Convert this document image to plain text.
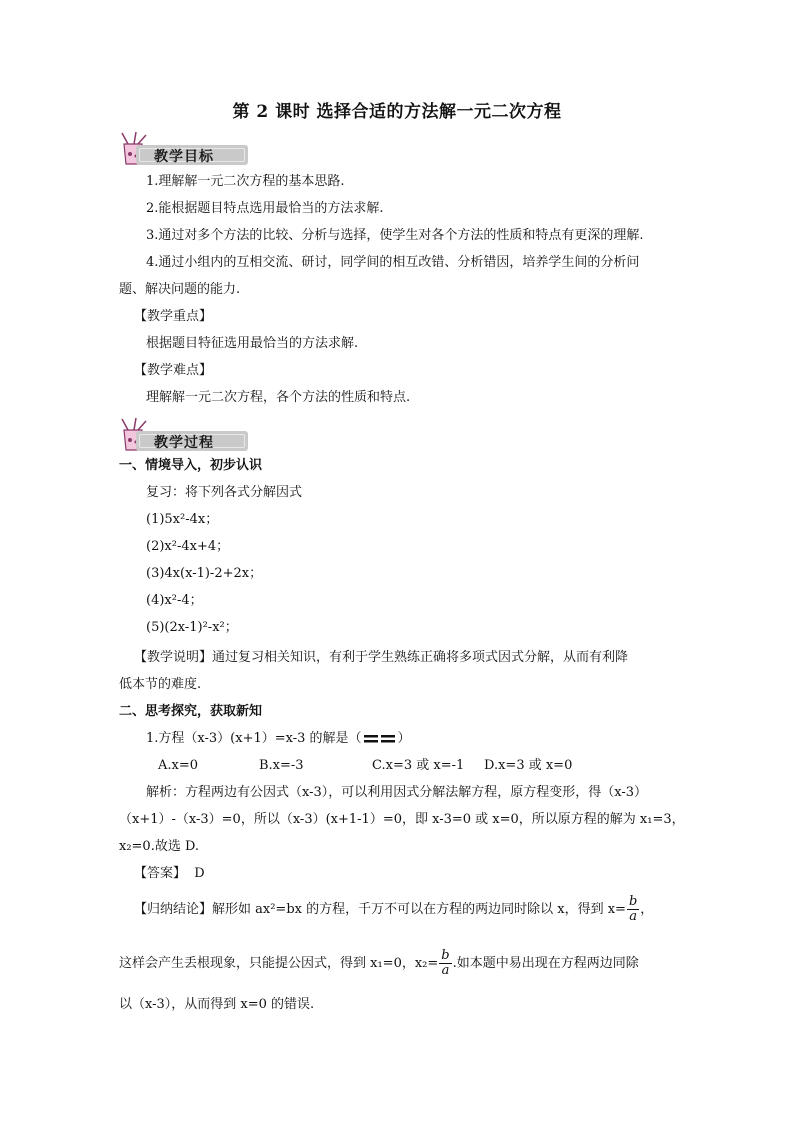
第 2 课时 选择合适的方法解一元二次方程
教学目标
1.理解解一元二次方程的基本思路.
2.能根据题目特点选用最恰当的方法求解.
3.通过对多个方法的比较、分析与选择，使学生对各个方法的性质和特点有更深的理解.
4.通过小组内的互相交流、研讨，同学间的相互改错、分析错因，培养学生间的分析问
题、解决问题的能力.
【教学重点】
根据题目特征选用最恰当的方法求解.
【教学难点】
理解解一元二次方程，各个方法的性质和特点.
教学过程
一、情境导入，初步认识
复习：将下列各式分解因式
(1)5x²-4x；
(2)x²-4x+4；
(3)4x(x-1)-2+2x；
(4)x²-4；
(5)(2x-1)²-x²；
【教学说明】通过复习相关知识，有利于学生熟练正确将多项式因式分解，从而有利降
低本节的难度.
二、思考探究，获取新知
1.方程（x-3）(x+1）=x-3 的解是（	）
A.x=0	B.x=-3	C.x=3 或 x=-1 D.x=3 或 x=0
解析：方程两边有公因式（x-3），可以利用因式分解法解方程，原方程变形，得（x-3）
（x+1）-（x-3）=0，所以（x-3）(x+1-1）=0，即 x-3=0 或 x=0，所以原方程的解为 x₁=3，
x₂=0.故选 D.
【答案】 D
【归纳结论】解形如 ax²=bx 的方程，千万不可以在方程的两边同时除以 x，得到 $x= \frac{b}{a}$ ，
这样会产生丢根现象，只能提公因式，得到 x₁=0，$x_2= \frac{b}{a}$ .如本题中易出现在方程两边同除
以（x-3），从而得到 x=0 的错误.
